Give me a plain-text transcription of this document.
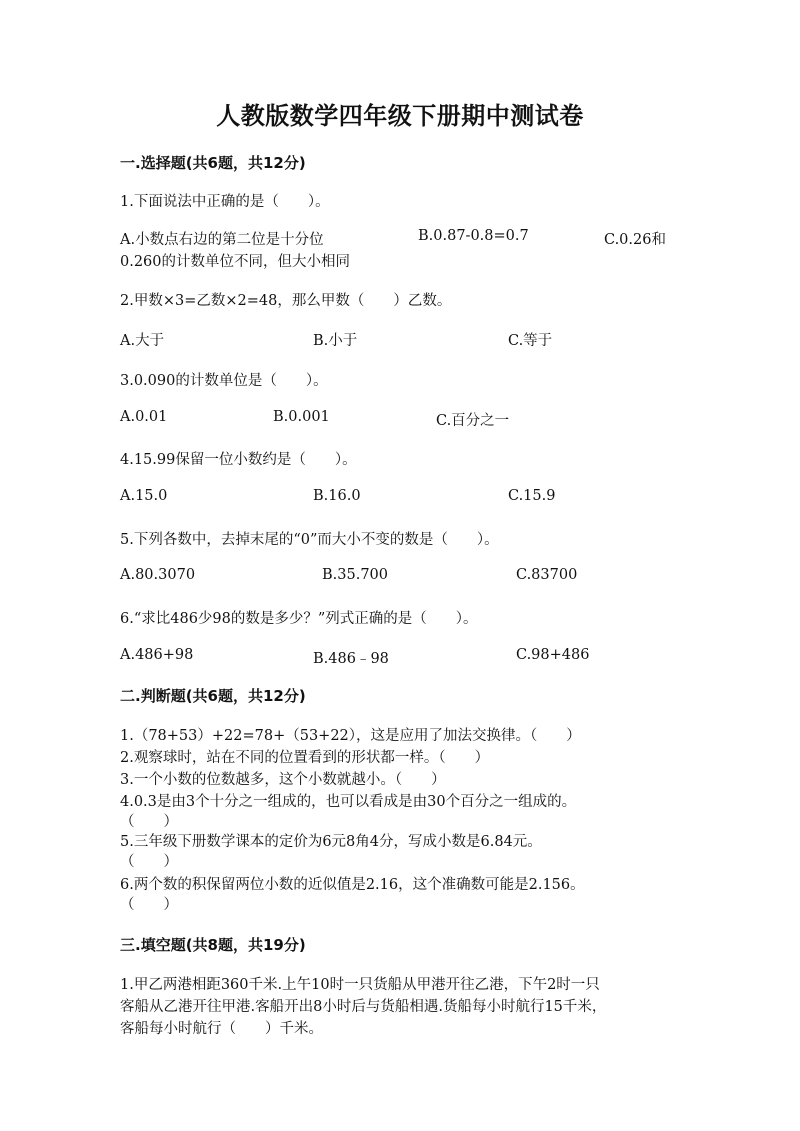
人教版数学四年级下册期中测试卷
一.选择题(共6题，共12分)
1.下面说法中正确的是（　　）。
A.小数点右边的第二位是十分位	B.0.87-0.8=0.7	C.0.26和
0.260的计数单位不同，但大小相同
2.甲数×3=乙数×2=48，那么甲数（　　）乙数。
A.大于	B.小于	C.等于
3.0.090的计数单位是（　　）。
A.0.01	B.0.001	C.百分之一
4.15.99保留一位小数约是（　　）。
A.15.0	B.16.0	C.15.9
5.下列各数中，去掉末尾的“0”而大小不变的数是（　　）。
A.80.3070	B.35.700	C.83700
6.“求比486少98的数是多少？”列式正确的是（　　）。
A.486+98	B.486﹣98	C.98+486
二.判断题(共6题，共12分)
1.（78+53）+22=78+（53+22），这是应用了加法交换律。（　　）
2.观察球时，站在不同的位置看到的形状都一样。（　　）
3.一个小数的位数越多，这个小数就越小。（　　）
4.0.3是由3个十分之一组成的，也可以看成是由30个百分之一组成的。
（　　）
5.三年级下册数学课本的定价为6元8角4分，写成小数是6.84元。
（　　）
6.两个数的积保留两位小数的近似值是2.16，这个准确数可能是2.156。
（　　）
三.填空题(共8题，共19分)
1.甲乙两港相距360千米.上午10时一只货船从甲港开往乙港，下午2时一只
客船从乙港开往甲港.客船开出8小时后与货船相遇.货船每小时航行15千米，
客船每小时航行（　　）千米。
